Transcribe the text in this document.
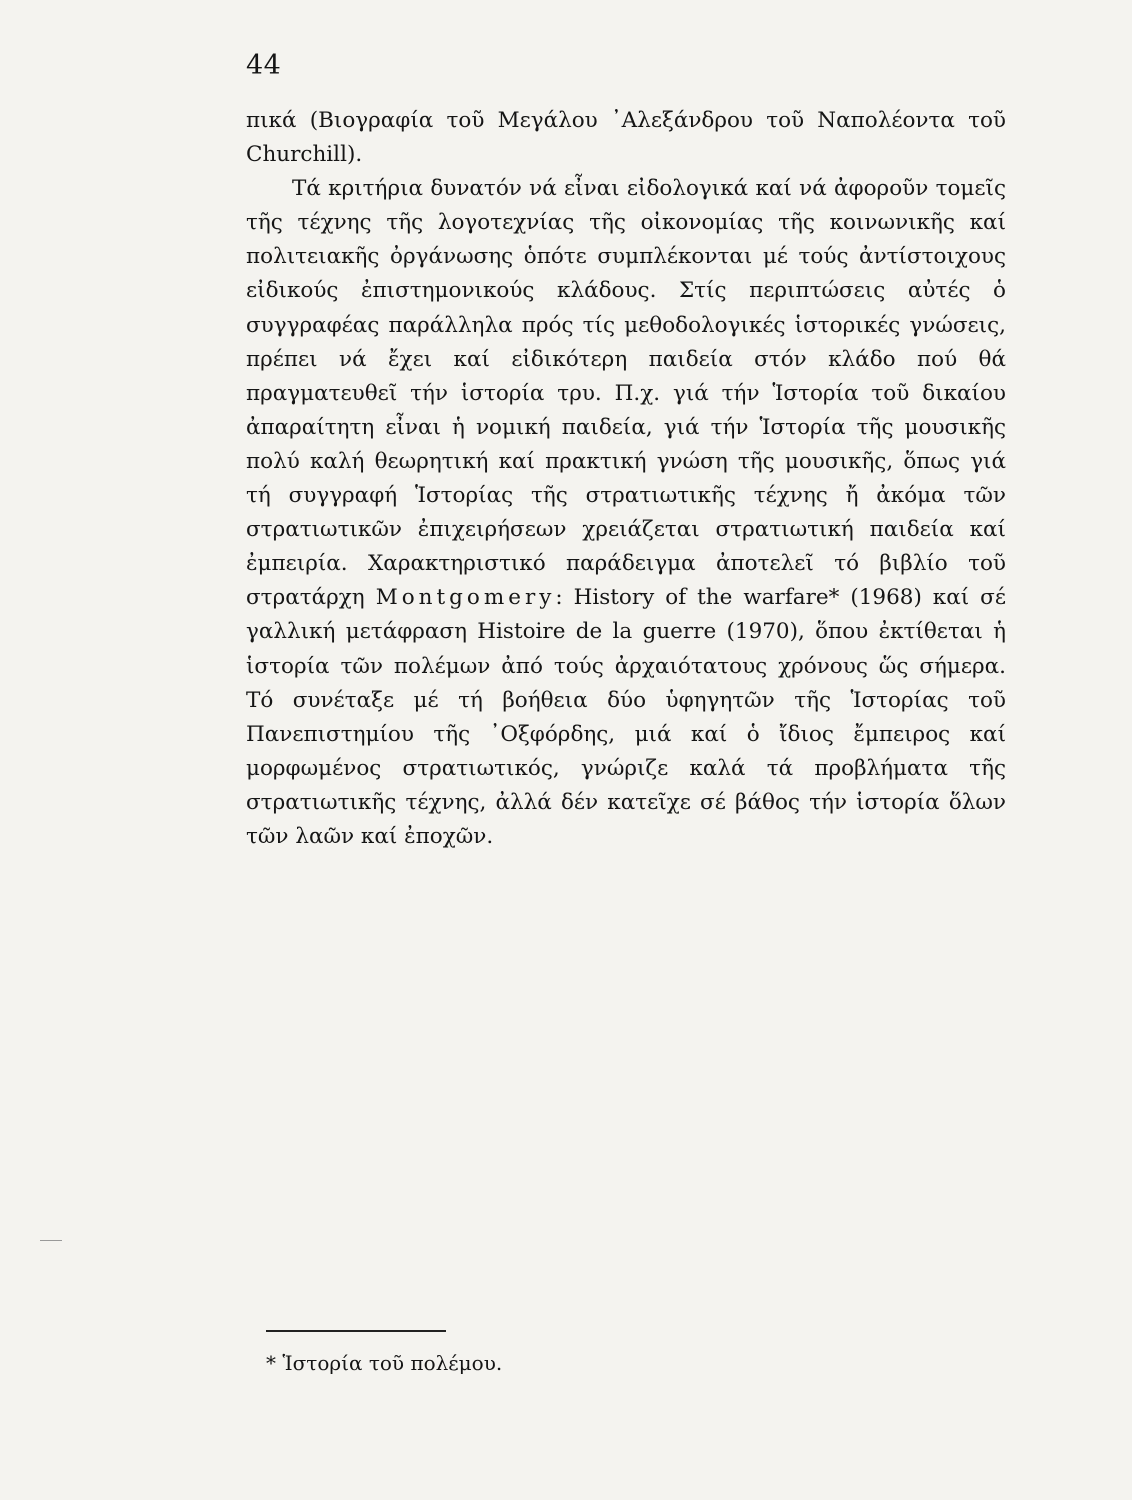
44

πικά (Βιογραφία τοῦ Μεγάλου ᾿Αλεξάνδρου τοῦ Ναπολέοντα τοῦ Churchill).

Τά κριτήρια δυνατόν νά εἶναι εἰδολογικά καί νά ἀφοροῦν τομεῖς τῆς τέχνης τῆς λογοτεχνίας τῆς οἰκονομίας τῆς κοινωνικῆς καί πολιτειακῆς ὀργάνωσης ὁπότε συμπλέκονται μέ τούς ἀντίστοιχους εἰδικούς ἐπιστημονικούς κλάδους. Στίς περιπτώσεις αὐτές ὁ συγγραφέας παράλληλα πρός τίς μεθοδολογικές ἱστορικές γνώσεις, πρέπει νά ἔχει καί εἰδικότερη παιδεία στόν κλάδο πού θά πραγματευθεῖ τήν ἱστορία τρυ. Π.χ. γιά τήν Ἱστορία τοῦ δικαίου ἀπαραίτητη εἶναι ἡ νομική παιδεία, γιά τήν Ἱστορία τῆς μουσικῆς πολύ καλή θεωρητική καί πρακτική γνώση τῆς μουσικῆς, ὅπως γιά τή συγγραφή Ἱστορίας τῆς στρατιωτικῆς τέχνης ἤ ἀκόμα τῶν στρατιωτικῶν ἐπιχειρήσεων χρειάζεται στρατιωτική παιδεία καί ἐμπειρία. Χαρακτηριστικό παράδειγμα ἀποτελεῖ τό βιβλίο τοῦ στρατάρχη Montgomery: History of the warfare* (1968) καί σέ γαλλική μετάφραση Histoire de la guerre (1970), ὅπου ἐκτίθεται ἡ ἱστορία τῶν πολέμων ἀπό τούς ἀρχαιότατους χρόνους ὥς σήμερα. Τό συνέταξε μέ τή βοήθεια δύο ὑφηγητῶν τῆς Ἱστορίας τοῦ Πανεπιστημίου τῆς ᾿Οξφόρδης, μιά καί ὁ ἴδιος ἔμπειρος καί μορφωμένος στρατιωτικός, γνώριζε καλά τά προβλήματα τῆς στρατιωτικῆς τέχνης, ἀλλά δέν κατεῖχε σέ βάθος τήν ἱστορία ὅλων τῶν λαῶν καί ἐποχῶν.

* Ἱστορία τοῦ πολέμου.
